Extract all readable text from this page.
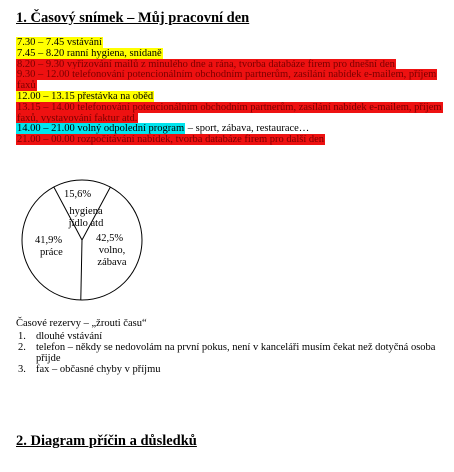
1. Časový snímek – Můj pracovní den
7.30 – 7.45 vstávání
7.45 – 8.20 ranní hygiena, snídaně
8.20 – 9.30 vyřizování mailů z minulého dne a rána, tvorba databáze firem pro dnešní den
9.30 – 12.00 telefonování potencionálním obchodním partnerům, zasílání nabídek e-mailem, příjem faxů
12.00 – 13.15 přestávka na oběd
13.15 – 14.00 telefonování potencionálním obchodním partnerům, zasílání nabídek e-mailem, příjem faxů, vystavování faktur atd.
14.00 – 21.00 volný odpolední program – sport, zábava, restaurace…
21.00 – 00.00 rozpočítávání nabídek, tvorba databáze firem pro další den
15,6%
hygiena jídlo atd
42,5%
volno, zábava
41,9%
práce
Časové rezervy – „žrouti času“
1. dlouhé vstávání
2. telefon – někdy se nedovolám na první pokus, není v kanceláři musím čekat než dotyčná osoba přijde
3. fax – občasné chyby v příjmu
2. Diagram příčin a důsledků
